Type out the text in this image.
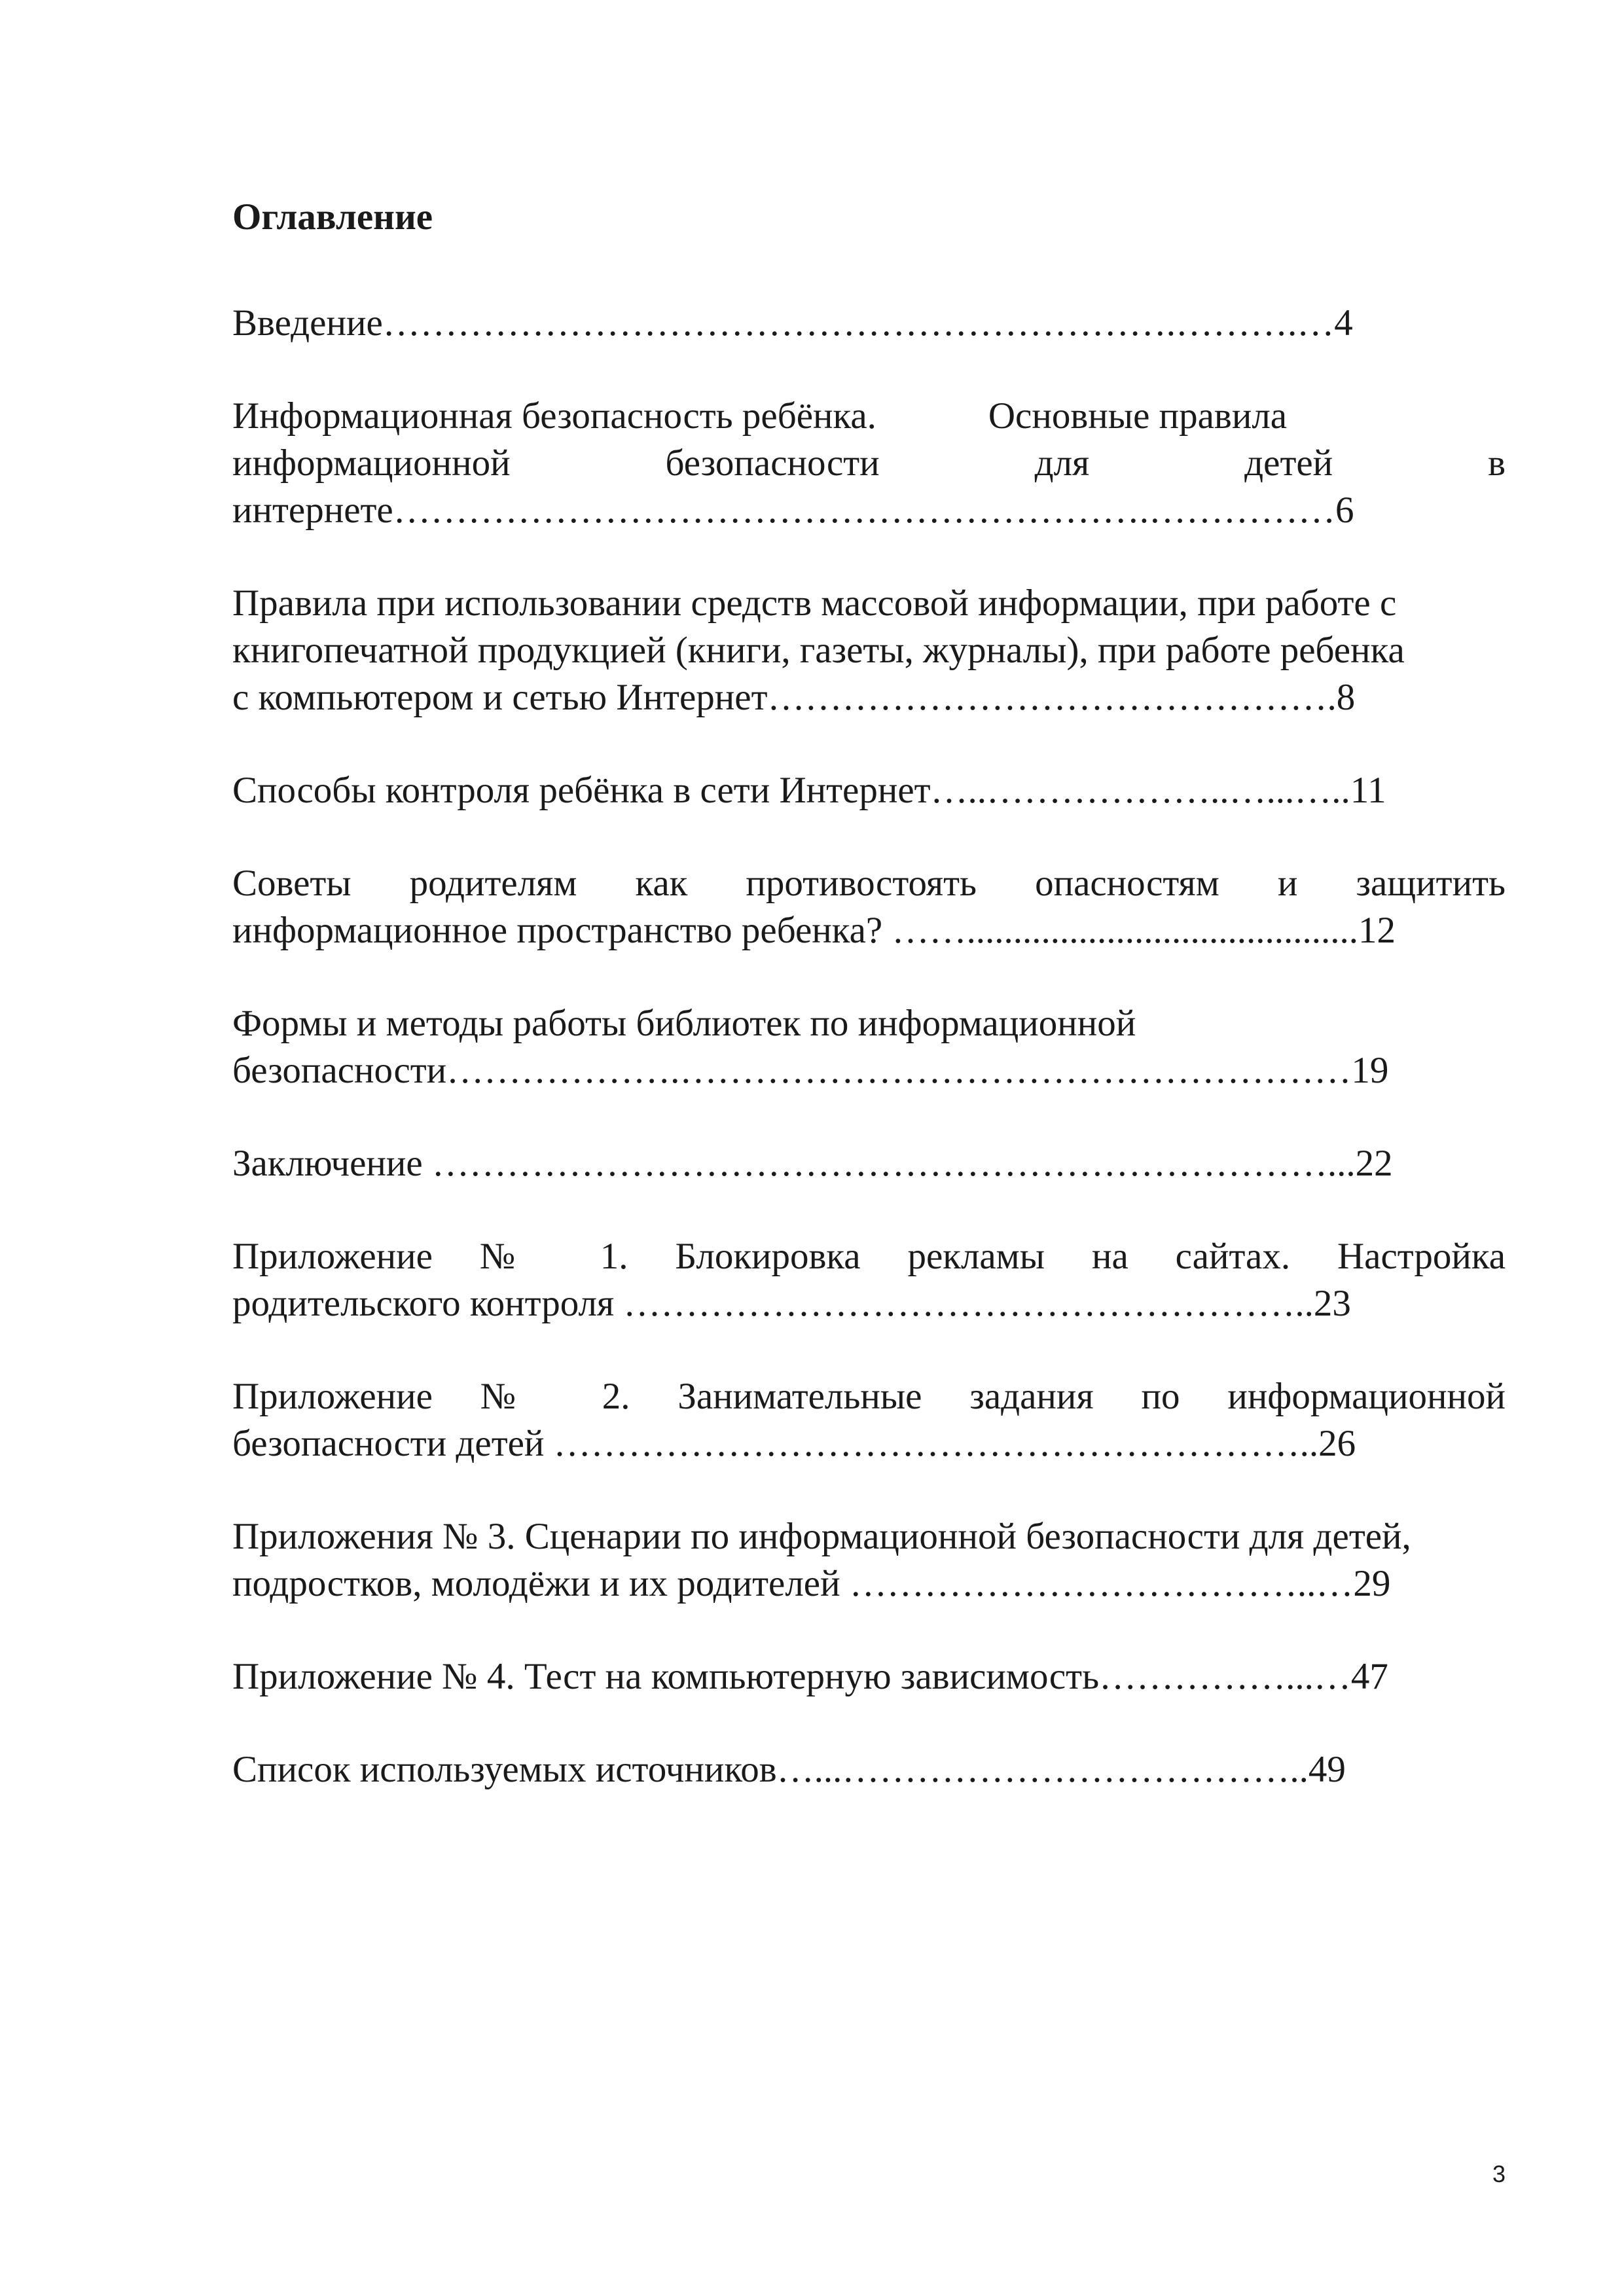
Оглавление

Введение……………………………………………………….……….…4

Информационная безопасность ребёнка.            Основные правила

информационной безопасности для детей в

интернете…………………………………………………….……………6

Правила при использовании средств массовой информации, при работе с

книгопечатной продукцией (книги, газеты, журналы), при работе ребенка

с компьютером и сетью Интернет……………………………………….8

Способы контроля ребёнка в сети Интернет…..………………..…...…..11

Советы родителям как противостоять опасностям и защитить

информационное пространство ребенка? ……..........................................12

Формы и методы работы библиотек по информационной

безопасности……………….………………………………………………19

Заключение ………………………………………………………………...22

Приложение № 1. Блокировка рекламы на сайтах. Настройка

родительского контроля ………………………………………………..23

Приложение № 2. Занимательные задания по информационной

безопасности детей ……………………………………………………..26

Приложения № 3. Сценарии по информационной безопасности для детей,

подростков, молодёжи и их родителей ………………………………..…29

Приложение № 4. Тест на компьютерную зависимость……………...…47

Список используемых источников…...………………………………..49

3
